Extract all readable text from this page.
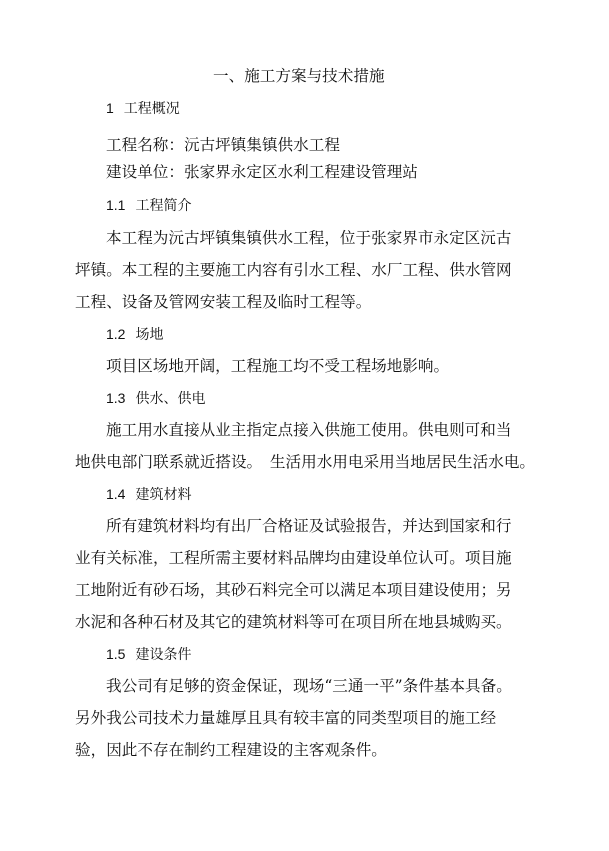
一、施工方案与技术措施
1 工程概况
工程名称：沅古坪镇集镇供水工程
建设单位：张家界永定区水利工程建设管理站
1.1 工程简介
本工程为沅古坪镇集镇供水工程，位于张家界市永定区沅古
坪镇。本工程的主要施工内容有引水工程、水厂工程、供水管网
工程、设备及管网安装工程及临时工程等。
1.2 场地
项目区场地开阔，工程施工均不受工程场地影响。
1.3 供水、供电
施工用水直接从业主指定点接入供施工使用。供电则可和当
地供电部门联系就近搭设。　生活用水用电采用当地居民生活水电。
1.4 建筑材料
所有建筑材料均有出厂合格证及试验报告，并达到国家和行
业有关标准，工程所需主要材料品牌均由建设单位认可。项目施
工地附近有砂石场，其砂石料完全可以满足本项目建设使用；另
水泥和各种石材及其它的建筑材料等可在项目所在地县城购买。
1.5 建设条件
我公司有足够的资金保证，现场“三通一平”条件基本具备。
另外我公司技术力量雄厚且具有较丰富的同类型项目的施工经
验，因此不存在制约工程建设的主客观条件。
